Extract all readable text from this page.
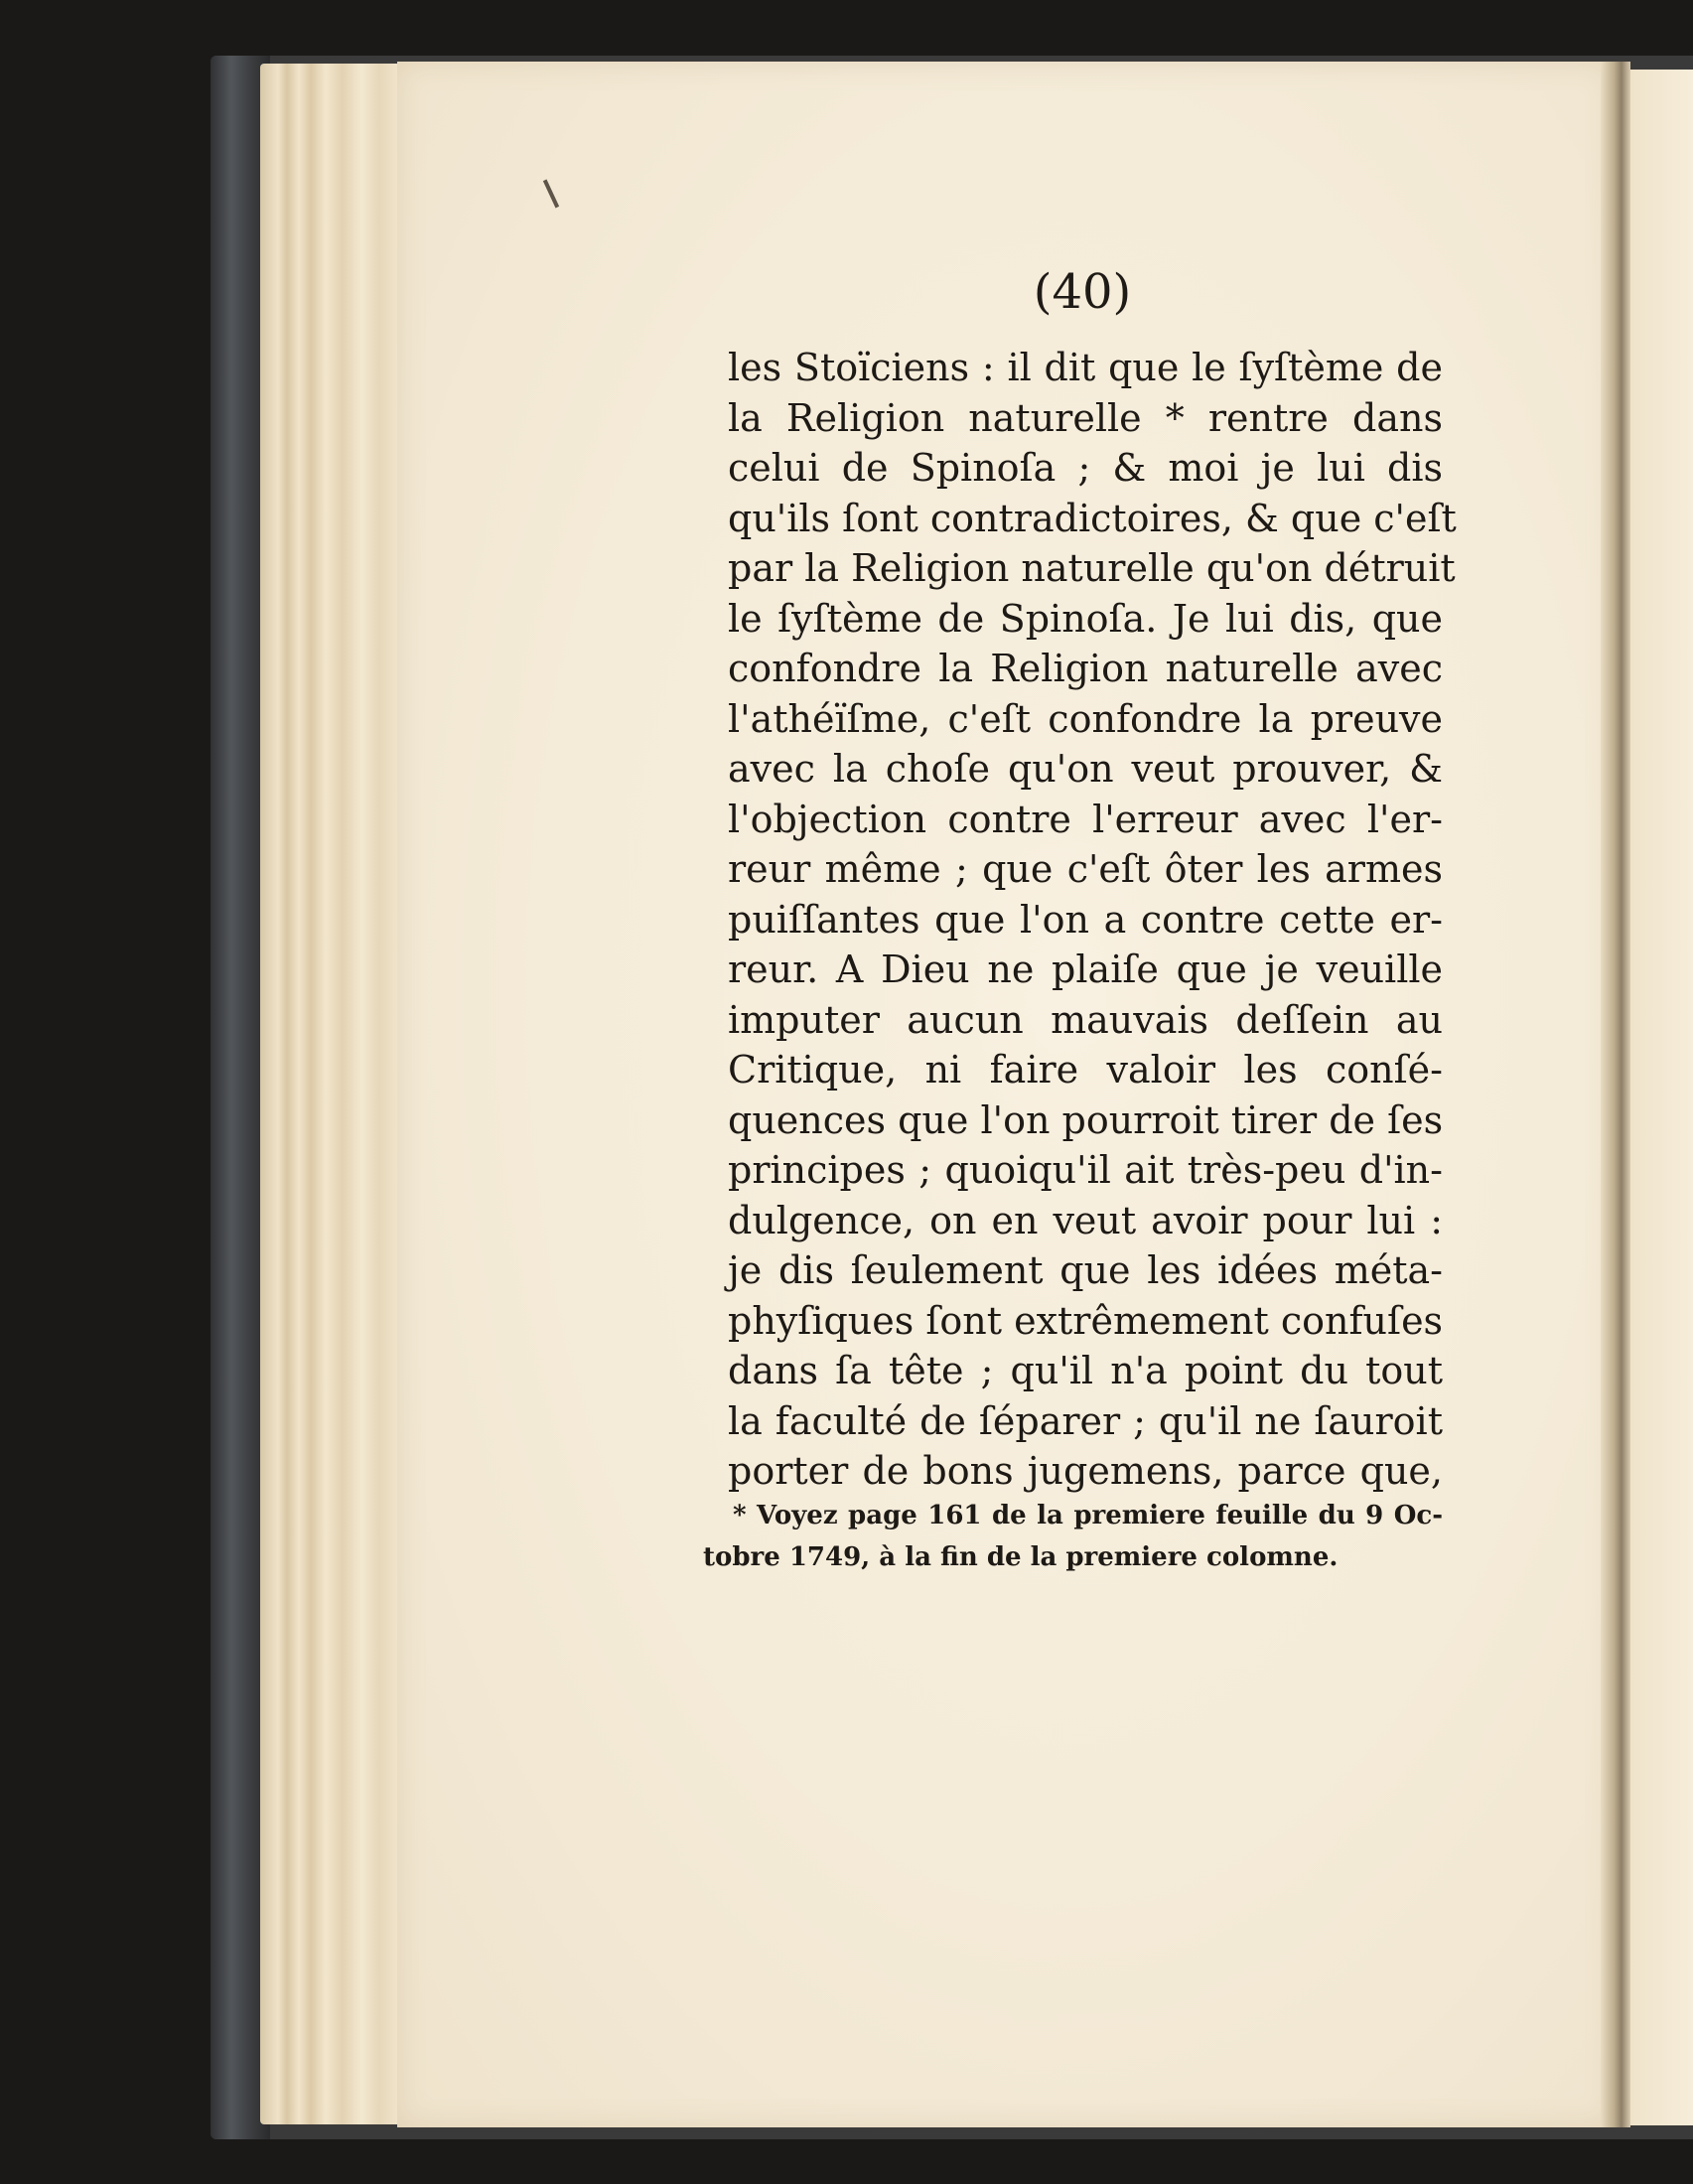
(40)
les Stoïciens : il dit que le ſyſtème de
la Religion naturelle * rentre dans
celui de Spinoſa ; & moi je lui dis
qu'ils ſont contradictoires, & que c'eſt
par la Religion naturelle qu'on détruit
le ſyſtème de Spinoſa. Je lui dis, que
confondre la Religion naturelle avec
l'athéïſme, c'eſt confondre la preuve
avec la choſe qu'on veut prouver, &
l'objection contre l'erreur avec l'er-
reur même ; que c'eſt ôter les armes
puiſſantes que l'on a contre cette er-
reur. A Dieu ne plaiſe que je veuille
imputer aucun mauvais deſſein au
Critique, ni faire valoir les conſé-
quences que l'on pourroit tirer de ſes
principes ; quoiqu'il ait très-peu d'in-
dulgence, on en veut avoir pour lui :
je dis ſeulement que les idées méta-
phyſiques ſont extrêmement confuſes
dans ſa tête ; qu'il n'a point du tout
la faculté de ſéparer ; qu'il ne ſauroit
porter de bons jugemens, parce que,
* Voyez page 161 de la premiere feuille du 9 Oc-
tobre 1749, à la fin de la premiere colomne.
